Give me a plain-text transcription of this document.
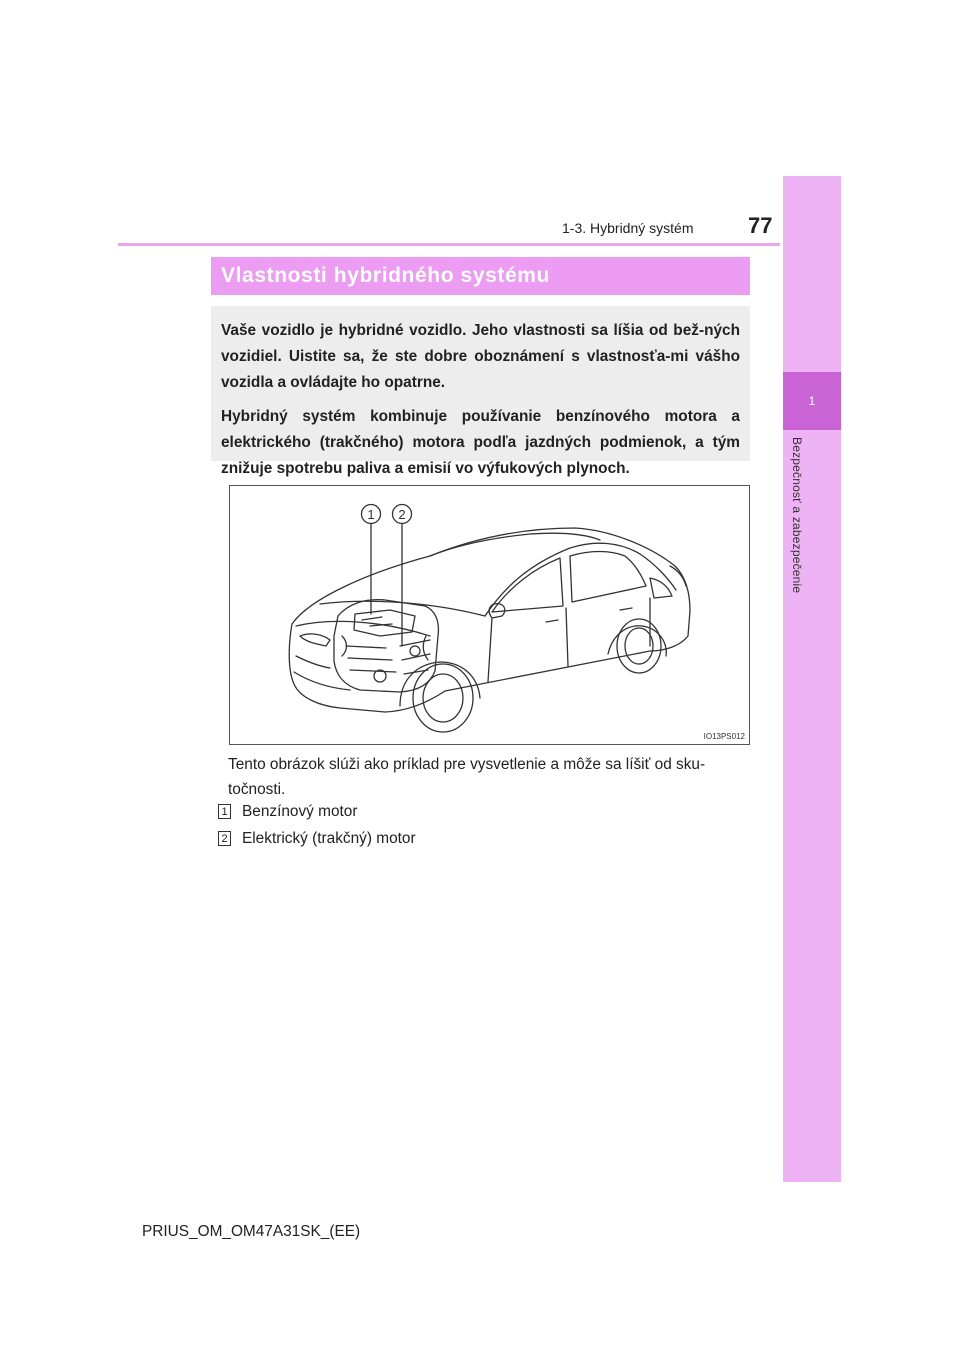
1-3. Hybridný systém 77
1
Bezpečnosť a zabezpečenie
Vlastnosti hybridného systému

Vaše vozidlo je hybridné vozidlo. Jeho vlastnosti sa líšia od bež-ných vozidiel. Uistite sa, že ste dobre oboznámení s vlastnosťa-mi vášho vozidla a ovládajte ho opatrne.

Hybridný systém kombinuje používanie benzínového motora a elektrického (trakčného) motora podľa jazdných podmienok, a tým znižuje spotrebu paliva a emisií vo výfukových plynoch.

1 2
IO13PS012

Tento obrázok slúži ako príklad pre vysvetlenie a môže sa líšiť od sku-točnosti.

1 Benzínový motor
2 Elektrický (trakčný) motor
PRIUS_OM_OM47A31SK_(EE)
